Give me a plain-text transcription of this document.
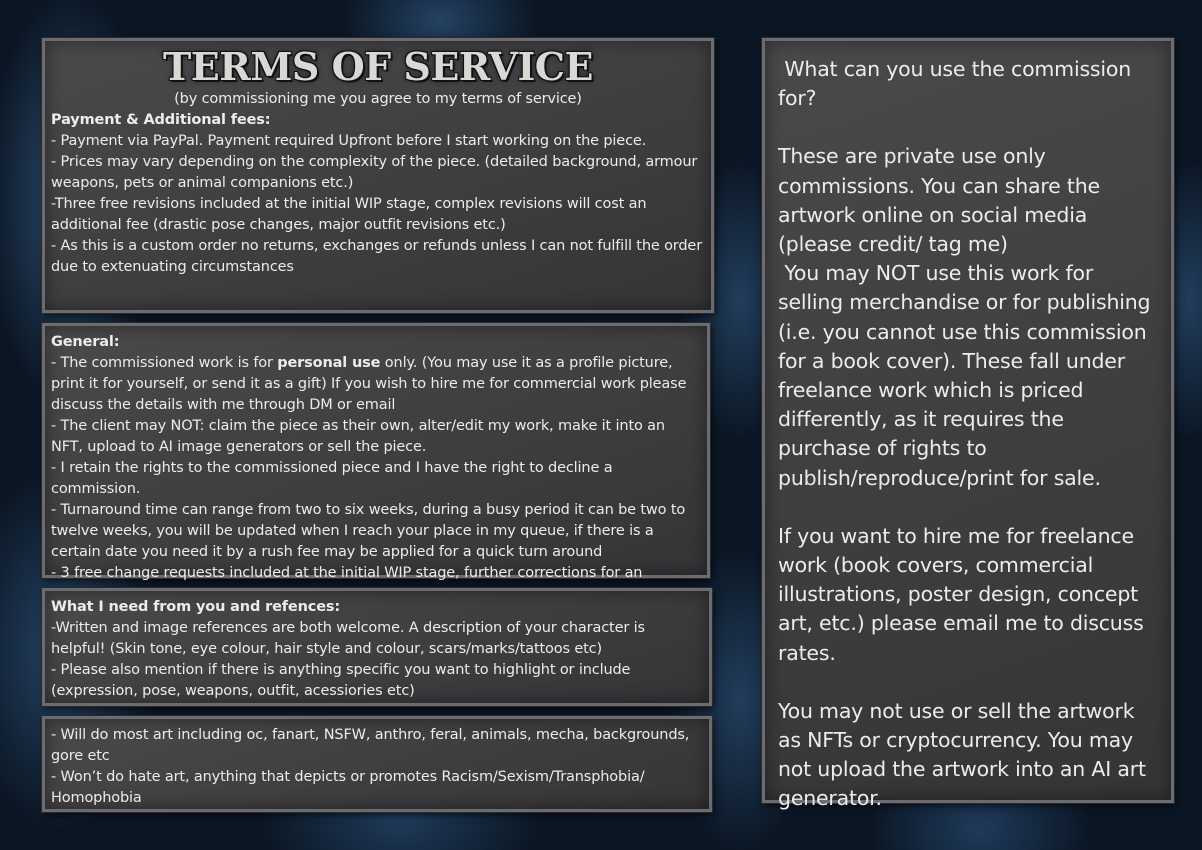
TERMS OF SERVICE

(by commissioning me you agree to my terms of service)

Payment & Additional fees:

- Payment via PayPal. Payment required Upfront before I start working on the piece.

- Prices may vary depending on the complexity of the piece. (detailed background, armour weapons, pets or animal companions etc.)

-Three free revisions included at the initial WIP stage, complex revisions will cost an additional fee (drastic pose changes, major outfit revisions etc.)

- As this is a custom order no returns, exchanges or refunds unless I can not fulfill the order due to extenuating circumstances

General:

- The commissioned work is for personal use only. (You may use it as a profile picture, print it for yourself, or send it as a gift) If you wish to hire me for commercial work please discuss the details with me through DM or email

- The client may NOT: claim the piece as their own, alter/edit my work, make it into an NFT, upload to AI image generators or sell the piece.

- I retain the rights to the commissioned piece and I have the right to decline a commission.

- Turnaround time can range from two to six weeks, during a busy period it can be two to twelve weeks, you will be updated when I reach your place in my queue, if there is a certain date you need it by a rush fee may be applied for a quick turn around

- 3 free change requests included at the initial WIP stage, further corrections for an

What I need from you and refences:

-Written and image references are both welcome. A description of your character is helpful! (Skin tone, eye colour, hair style and colour, scars/marks/tattoos etc)

- Please also mention if there is anything specific you want to highlight or include (expression, pose, weapons, outfit, acessiories etc)

- Will do most art including oc, fanart, NSFW, anthro, feral, animals, mecha, backgrounds, gore etc

- Won’t do hate art, anything that depicts or promotes Racism/Sexism/Transphobia/ Homophobia

What can you use the commission for?

These are private use only commissions. You can share the artwork online on social media (please credit/ tag me)

You may NOT use this work for selling merchandise or for publishing (i.e. you cannot use this commission for a book cover). These fall under freelance work which is priced differently, as it requires the purchase of rights to publish/reproduce/print for sale.

If you want to hire me for freelance work (book covers, commercial illustrations, poster design, concept art, etc.) please email me to discuss rates.

You may not use or sell the artwork as NFTs or cryptocurrency. You may not upload the artwork into an AI art generator.
